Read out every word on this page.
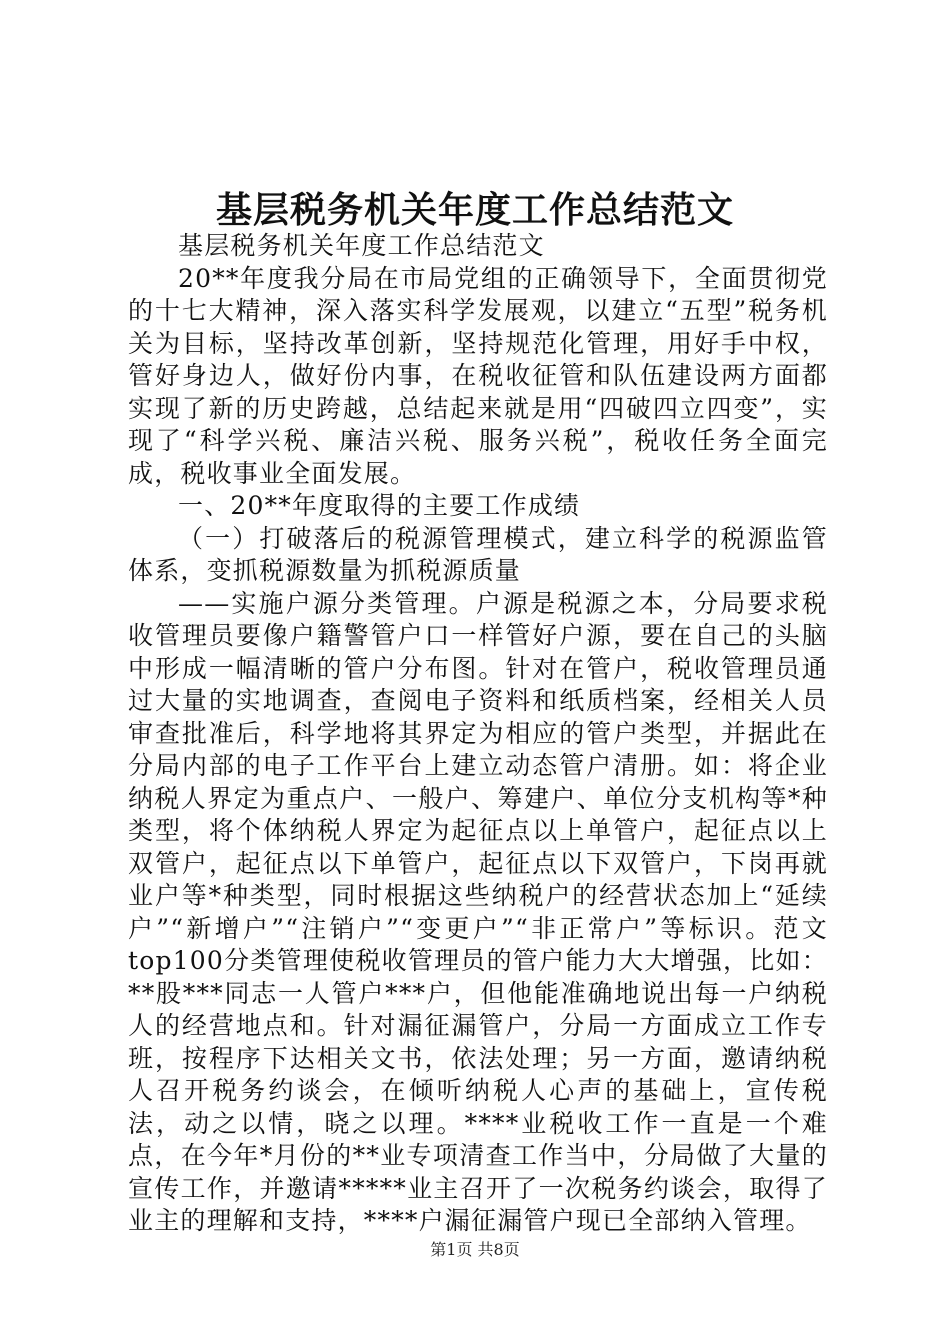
基层税务机关年度工作总结范文

基层税务机关年度工作总结范文

20**年度我分局在市局党组的正确领导下，全面贯彻党的十七大精神，深入落实科学发展观，以建立“五型”税务机关为目标，坚持改革创新，坚持规范化管理，用好手中权，管好身边人，做好份内事，在税收征管和队伍建设两方面都实现了新的历史跨越，总结起来就是用“四破四立四变”，实现了“科学兴税、廉洁兴税、服务兴税”，税收任务全面完成，税收事业全面发展。

一、20**年度取得的主要工作成绩

（一）打破落后的税源管理模式，建立科学的税源监管体系，变抓税源数量为抓税源质量

——实施户源分类管理。户源是税源之本，分局要求税收管理员要像户籍警管户口一样管好户源，要在自己的头脑中形成一幅清晰的管户分布图。针对在管户，税收管理员通过大量的实地调查，查阅电子资料和纸质档案，经相关人员审查批准后，科学地将其界定为相应的管户类型，并据此在分局内部的电子工作平台上建立动态管户清册。如：将企业纳税人界定为重点户、一般户、筹建户、单位分支机构等*种类型，将个体纳税人界定为起征点以上单管户，起征点以上双管户，起征点以下单管户，起征点以下双管户，下岗再就业户等*种类型，同时根据这些纳税户的经营状态加上“延续户”“新增户”“注销户”“变更户”“非正常户”等标识。范文top100分类管理使税收管理员的管户能力大大增强，比如：**股***同志一人管户***户，但他能准确地说出每一户纳税人的经营地点和。针对漏征漏管户，分局一方面成立工作专班，按程序下达相关文书，依法处理；另一方面，邀请纳税人召开税务约谈会，在倾听纳税人心声的基础上，宣传税法，动之以情，晓之以理。****业税收工作一直是一个难点，在今年*月份的**业专项清查工作当中，分局做了大量的宣传工作，并邀请*****业主召开了一次税务约谈会，取得了业主的理解和支持，****户漏征漏管户现已全部纳入管理。

第1页 共8页
